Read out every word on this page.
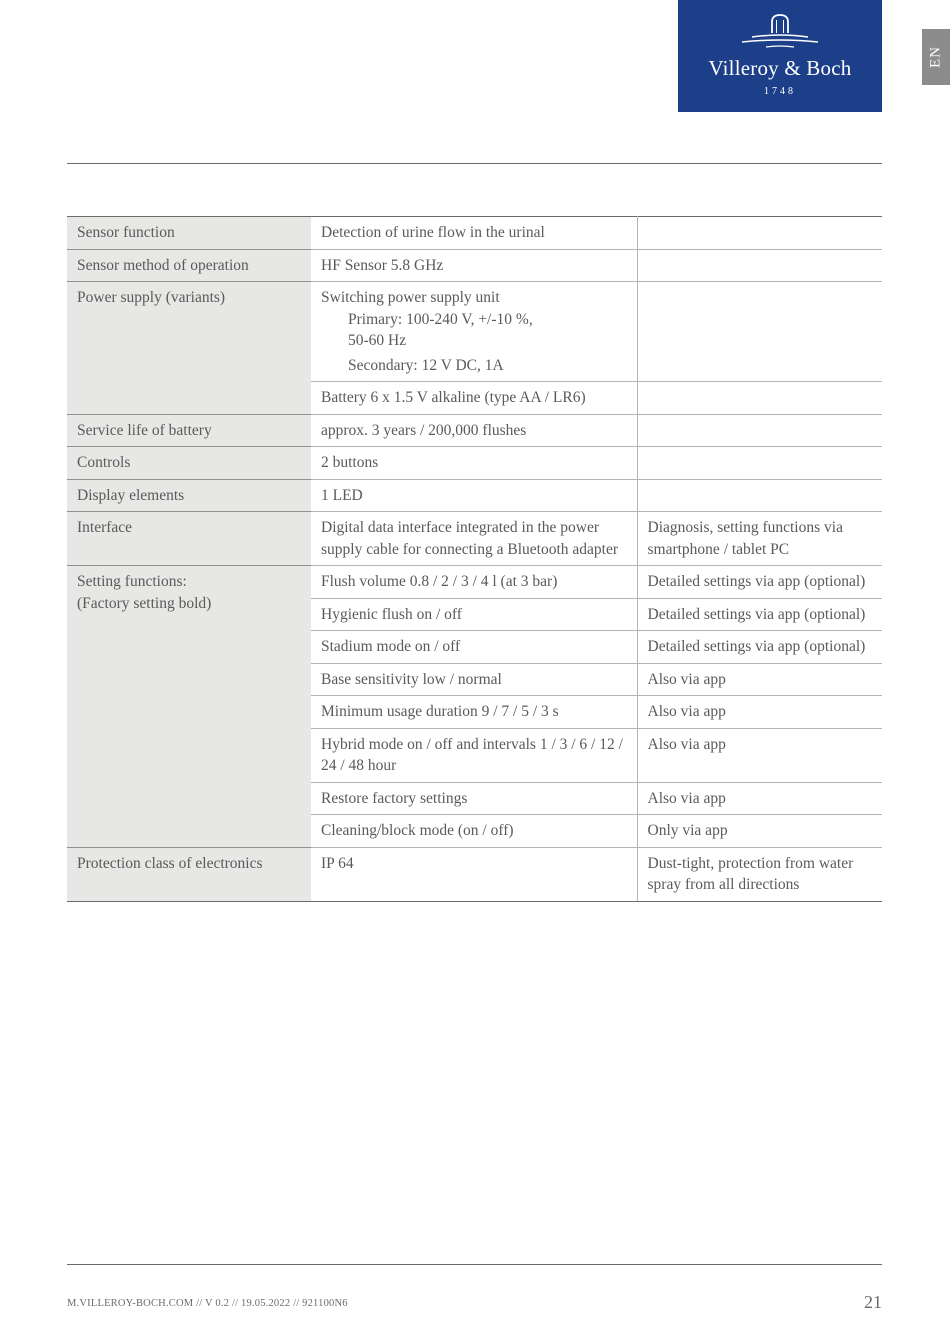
Villeroy & Boch
1748
EN
Sensor function	Detection of urine flow in the urinal	
Sensor method of operation	HF Sensor 5.8 GHz	
Power supply (variants)	Switching power supply unit
Primary: 100-240 V, +/-10 %,
50-60 Hz
Secondary: 12 V DC, 1A	

	Battery 6 x 1.5 V alkaline (type AA / LR6)	
Service life of battery	approx. 3 years / 200,000 flushes	
Controls	2 buttons	
Display elements	1 LED	
Interface	Digital data interface integrated in the power supply cable for connecting a Bluetooth adapter	Diagnosis, setting functions via smartphone / tablet PC
Setting functions:
(Factory setting bold)	Flush volume 0.8 / 2 / 3 / 4 l (at 3 bar)	Detailed settings via app (optional)
	Hygienic flush on / off	Detailed settings via app (optional)
	Stadium mode on / off	Detailed settings via app (optional)
	Base sensitivity low / normal	Also via app
	Minimum usage duration 9 / 7 / 5 / 3 s	Also via app
	Hybrid mode on / off and intervals 1 / 3 / 6 / 12 / 24 / 48 hour	Also via app
	Restore factory settings	Also via app
	Cleaning/block mode (on / off)	Only via app
Protection class of electronics	IP 64	Dust-tight, protection from water spray from all directions
M.VILLEROY-BOCH.COM // V 0.2 // 19.05.2022 // 921100N6	21
